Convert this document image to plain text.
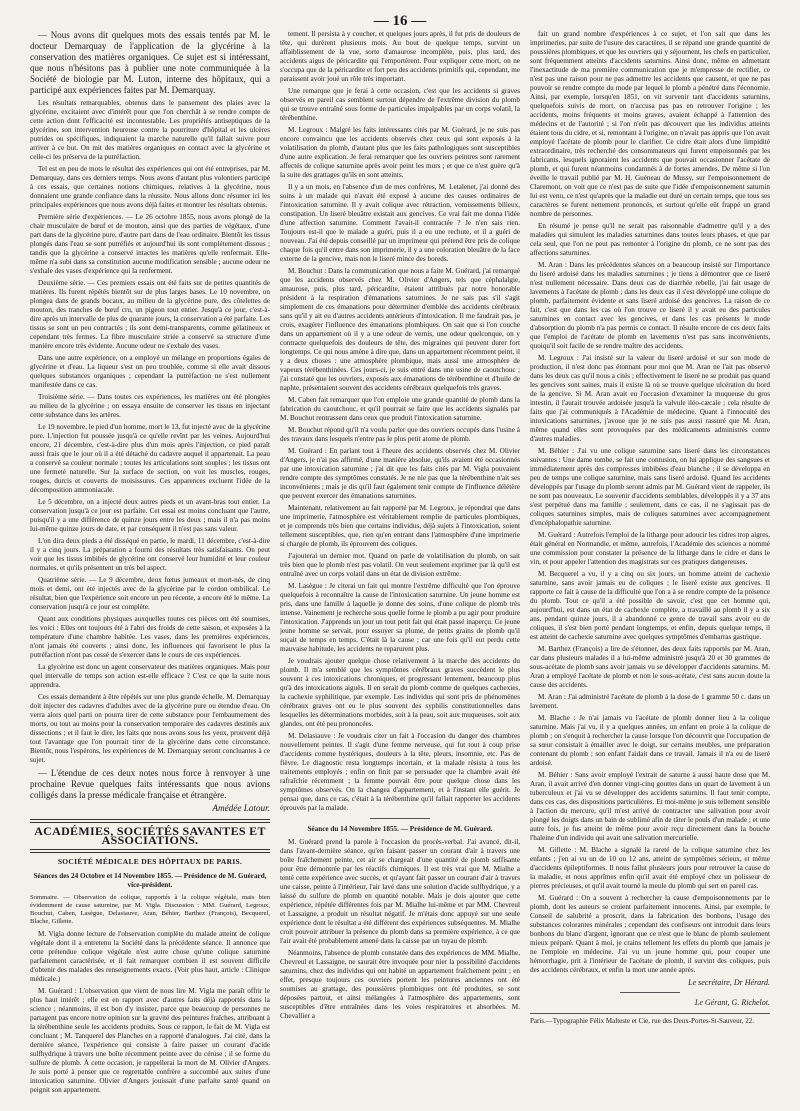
— 16 —

— Nous avons dit quelques mots des essais tentés par M. le docteur Demarquay de l'application de la glycérine à la conservation des matières organiques. Ce sujet est si intéressant, que nous n'hésitons pas à publier une note communiquée à la Société de biologie par M. Luton, interne des hôpitaux, qui a participé aux expériences faites par M. Demarquay.

Les résultats remarquables, obtenus dans le pansement des plaies avec la glycérine, excitaient avec d'intérêt pour que l'on cherchât à se rendre compte de cette action dont l'efficacité est incontestable. Les propriétés antiseptiques de la glycérine, son intervention heureuse contre la pourriture d'hôpital et les ulcères putrides ou spécifiques, indiquaient la marche naturelle qu'il fallait suivre pour arriver à ce but. On mit des matières organiques en contact avec la glycérine et celle-ci les préserva de la putréfaction.

Tel est en peu de mots le résultat des expériences qui ont été entreprises, par M. Demarquay, dans ces derniers temps. Nous avons d'autant plus volontiers participé à ces essais, que certaines notions chimiques, relatives à la glycérine, nous donnaient une grande confiance dans la réussite. Nous allons donc résumer ici les principales expériences que nous avons déjà faites et montrer les résultats obtenus.

Première série d'expériences. — Le 26 octobre 1855, nous avons plongé de la chair musculaire de bœuf et de mouton, ainsi que des parties de végétaux, d'une part dans de la glycérine pure, d'autre part dans de l'eau ordinaire. Bientôt les tissus plongés dans l'eau se sont putréfiés et aujourd'hui ils sont complétement dissous ; tandis que la glycérine a conservé intactes les matières qu'elle renfermait. Elle-même n'a subi dans sa constitution aucune modification sensible ; aucune odeur ne s'exhale des vases d'expérience qui la renferment.

Deuxième série. — Ces premiers essais ont été faits sur de petites quantités de matières. Ils furent répétés bientôt sur de plus larges bases. Le 10 novembre, on plongea dans de grands bocaux, au milieu de la glycérine pure, des côtelettes de mouton, des tranches de bœuf cru, un pigeon tout entier. Jusqu'à ce jour, c'est-à-dire après un intervalle de plus de quarante jours, la conservation a été parfaite. Les tissus se sont un peu contractés ; ils sont demi-transparents, comme gélatineux et cependant très fermes. La fibre musculaire striée a conservé sa structure d'une manière encore très évidente. Aucune odeur ne s'exhale des vases.

Dans une autre expérience, on a employé un mélange en proportions égales de glycérine et d'eau. La liqueur s'est un peu troublée, comme si elle avait dissous quelques substances organiques ; cependant la putréfaction ne s'est nullement manifestée dans ce cas.

Troisième série. — Dans toutes ces expériences, les matières ont été plongées au milieu de la glycérine ; on essaya ensuite de conserver les tissus en injectant cette substance dans les artères.

Le 19 novembre, le pied d'un homme, mort le 13, fut injecté avec de la glycérine pure. L'injection fut poussée jusqu'à ce qu'elle revînt par les veines. Aujourd'hui encore, 21 décembre, c'est-à-dire plus d'un mois après l'injection, ce pied paraît aussi frais que le jour où il a été détaché du cadavre auquel il appartenait. La peau a conservé sa couleur normale ; toutes les articulations sont souples ; les tissus ont une fermeté naturelle. Sur la surface de section, on voit les muscles, rouges, rouges, durcis et couverts de moisissures. Ces apparences excluent l'idée de la décomposition ammoniacale.

Le 5 décembre, on a injecté deux autres pieds et un avant-bras tout entier. La conservation jusqu'à ce jour est parfaite. Cet essai est moins concluant que l'autre, puisqu'il y a une différence de quinze jours entre les deux ; mais il n'a pas moins lui-même quinze jours de date, et par conséquent il n'est pas sans valeur.

L'on dira deux pieds a été disséqué en partie, le mardi, 11 décembre, c'est-à-dire il y a cinq jours. La préparation a fourni des résultats très satisfaisants. On peut voir que les tissus imbibés de glycérine ont conservé leur humidité et leur couleur normales, et qu'ils présentent un très bel aspect.

Quatrième série. — Le 9 décembre, deux fœtus jumeaux et mort-nés, de cinq mois et demi, ont été injectés avec de la glycérine par le cordon ombilical. Le résultat, bien que l'expérience soit encore un peu récente, a encore été le même. La conservation jusqu'à ce jour est complète.

Quant aux conditions physiques auxquelles toutes ces pièces ont été soumises, les voici : Elles ont toujours été à l'abri des froids de cette saison, et exposées à la température d'une chambre habitée. Les vases, dans les premières expériences, n'ont jamais été couverts ; ainsi donc, les influences qui favorisent le plus la putréfaction n'ont pas cessé de s'exercer dans le cours de ces expériences.

La glycérine est donc un agent conservateur des matières organiques. Mais pour quel intervalle de temps son action est-elle efficace ? C'est ce que la suite nous apprendra.

Ces essais demandent à être répétés sur une plus grande échelle. M. Demarquay doit injecter des cadavres d'adultes avec de la glycérine pure ou étendue d'eau. On verra alors quel parti on pourra tirer de cette substance pour l'embaumement des morts, ou tout au moins pour la conservation temporaire des cadavres destinés aux dissections ; et il faut le dire, les faits que nous avons sous les yeux, prouvent déjà tout l'avantage que l'on pourrait tirer de la glycérine dans cette circonstance. Bientôt, nous l'espérons, les expériences de M. Demarquay seront concluantes à ce sujet.

— L'étendue de ces deux notes nous force à renvoyer à une prochaine Revue quelques faits intéressants que nous avions colligés dans la presse médicale française et étrangère.

Amédée Latour.
ACADÉMIES, SOCIÉTÉS SAVANTES ET ASSOCIATIONS.
SOCIÉTÉ MÉDICALE DES HÔPITAUX DE PARIS.
Séances des 24 Octobre et 14 Novembre 1855. — Présidence de M. Guérard, vice-président.
Sommaire. — Observation de colique, rapportés à la colique végétale, mais bien évidemment de cause saturnine, par M. Vigla. Discussion : MM. Guérard, Legroux, Bouchut, Caben, Lasègue, Delasiauve, Aran, Béhier, Barthez (François), Becquerel, Blache, Gillette.

M. Vigla donne lecture de l'observation complète du malade atteint de colique végétale dont il a entretenu la Société dans la précédente séance. Il annonce que cette prétendue colique végétale n'est autre chose qu'une colique saturnine parfaitement caractérisée, et il fait remarquer combien il est souvent difficile d'obtenir des malades des renseignements exacts. (Voir plus haut, article : Clinique médicale.)

M. Guérard : L'observation que vient de nous lire M. Vigla me paraît offrir le plus haut intérêt ; elle est en rapport avec d'autres faits déjà rapportés dans la science ; néanmoins, il est bon d'y insister, parce que beaucoup de personnes ne partagent pas encore notre opinion sur la gravité des peintures fraîches, attribuant à la térébenthine seule les accidents produits. Sous ce rapport, le fait de M. Vigla est concluant ; M. Tanquerel des Planches en a rapporté d'analogues. J'ai cité, dans la dernière séance, l'expérience qui consiste à faire passer un courant d'acide sulfhydrique à travers une boîte récemment peinte avec du céruse ; il se forme du sulfure de plomb. À cette occasion, je rappellerai la mort de M. Olivier d'Angers. Je suis porté à penser que ce regrettable confrère a succombé aux suites d'une intoxication saturnine. Olivier d'Angers jouissait d'une parfaite santé quand on peignit son appartement.

tement. Il persista à y coucher, et quelques jours après, il fut pris de douleurs de tête, qui durèrent plusieurs mois. Au bout de quelque temps, survint un affaiblissement de la vue, sorte d'amaurose incomplète, puis, plus tard, des accidents aigus de péricardite qui l'emportèrent. Pour expliquer cette mort, on ne s'occupa que de la péricardite et fort peu des accidents primitifs qui, cependant, me paraissent avoir joué un rôle très important.

Une remarque que je ferai à cette occasion, c'est que les accidents si graves observés en pareil cas semblent surtout dépendre de l'extrême division du plomb qui se trouve entraîné sous forme de particules impalpables par un corps volatil, la térébenthine.

M. Legroux : Malgré les faits intéressants cités par M. Guérard, je ne suis pas encore convaincu que les accidents observés chez ceux qui sont exposés à la volatilisation du plomb, d'autant plus que les faits pathologiques sont susceptibles d'une autre explication. Je ferai remarquer que les ouvriers peintres sont rarement affectés de colique saturnine après avoir peint les murs ; et que ce n'est guère qu'à la suite des grattages qu'ils en sont atteints.

Il y a un mois, en l'absence d'un de mes confrères, M. Letalenet, j'ai donné des soins à un malade qui n'avait été exposé à aucune des causes ordinaires de l'intoxication saturnine. Il y avait colique avec rétraction, vomissements bilieux, constipation. Un liseré bleuâtre existait aux gencives. Ce vrai fait me donna l'idée d'une affection saturnine. Comment l'avait-il contractée ? Je n'en sais rien. Toujours est-il que le malade a guéri, puis il a eu une rechute, et il a guéri de nouveau. J'ai été depuis conseillé par un imprimeur qui prétend être pris de colique chaque fois qu'il entre dans son imprimerie, il y a une coloration bleuâtre de la face externe de la gencive, mais non le liseré mince des boreds.

M. Bouchut : Dans la communication que nous a faite M. Guérard, j'ai remarqué que les accidents observés chez M. Olivier d'Angers, tels que céphalalgie, amaurose, puis, plus tard, péricardite, étaient attribués par notre honorable président à la respiration d'émanations saturnines. Je ne sais pas s'il s'agit simplement de ces émanations pour déterminer d'emblée des accidents cérébraux sans qu'il y ait eu d'autres accidents antérieurs d'intoxication. Il me faudrait pas, je crois, exagérer l'influence des émanations plombiques. On sait que si l'on couche dans un appartement où il y a une odeur de vernis, une odeur quelconque, on y contracte quelquefois des douleurs de tête, des migraines qui peuvent durer fort longtemps. Ce qui nous amène à dire que, dans un appartement récemment peint, il y a deux choses : une atmosphère plombique, mais aussi une atmosphère de vapeurs térébenthinées. Ces jours-ci, je suis entré dans une usine de caoutchouc ; j'ai constaté que les ouvriers, exposés aux émanations de térébenthine et d'huile de naphte, présentaient souvent des accidents cérébraux quelquefois très graves.

M. Caben fait remarquer que l'on emploie une grande quantité de plomb dans la fabrication du caoutchouc, et qu'il pourrait se faire que les accidents signalés par M. Bouchut rentrassent dans ceux que produit l'intoxication saturnine.

M. Bouchut répond qu'il n'a voulu parler que des ouvriers occupés dans l'usine à des travaux dans lesquels n'entre pas le plus petit atome de plomb.

M. Guérard : En parlant tout à l'heure des accidents observés chez M. Olivier d'Angers, je n'ai pas affirmé, d'une manière absolue, qu'ils avaient été occasionnés par une intoxication saturnine ; j'ai dit que les faits cités par M. Vigla pouvaient rendre compte des symptômes constatés. Je ne nie pas que la térébenthine n'ait ses inconvénients ; mais je dis qu'il faut également tenir compte de l'influence délétère que peuvent exercer des émanations saturnines.

Maintenant, relativement au fait rapporté par M. Legroux, je répondrai que dans une imprimerie, l'atmosphère est véritablement remplie de particules plombiques, et je comprends très bien que certains individus, déjà sujets à l'intoxication, soient tellement susceptibles, que, rien qu'en entrant dans l'atmosphère d'une imprimerie si chargée de plomb, ils éprouvent des coliques.

J'ajouterai un dernier mot. Quand on parle de volatilisation du plomb, on sait très bien que le plomb n'est pas volatil. On veut seulement exprimer par là qu'il est entraîné avec un corps volatil dans un état de division extrême.

M. Lasègue : Je citerai un fait qui montre l'extrême difficulté que l'on éprouve quelquefois à reconnaître la cause de l'intoxication saturnine. Un jeune homme est pris, dans une famille à laquelle je donne des soins, d'une colique de plomb très intense. Vainement je recherche sous quelle forme le plomb a pu agir pour produire l'intoxication. J'apprends un jour un tout petit fait qui était passé inaperçu. Ce jeune jeune homme se servait, pour essuyer sa plume, de petits grains de plomb qu'il suçait de temps en temps. C'était là la cause ; car une fois qu'il eut perdu cette mauvaise habitude, les accidents ne reparurent plus.

Je voudrais ajouter quelque chose relativement à la marche des accidents du plomb. Il m'a semblé que les symptômes cérébraux graves succèdent le plus souvent à ces intoxications chroniques, et progressant lentement, beaucoup plus qu'à des intoxications aiguës. Il en serait du plomb comme de quelques cachexies, la cachexie syphilitique, par exemple. Les individus qui sont pris de phénomènes cérébraux graves ont eu le plus souvent des syphilis constitutionnelles dans lesquelles les déterminations morbides, soit à la peau, soit aux muqueuses, soit aux glandes, ont été peu prononcées.

M. Delasiauve : Je voudrais citer un fait à l'occasion du danger des chambres nouvellement peintes. Il s'agit d'une femme nerveuse, qui fut tout à coup prise d'accidents comme hystériques, douleurs à la tête, pleurs, insomnie, etc. Pas de fièvre. Le diagnostic resta longtemps incertain, et la malade résista à tous les traitements employés ; enfin on finit par se persuader que la chambre avait été rafraîchie récemment ; la femme pouvait être pour quelque chose dans les symptômes observés. On la changea d'appartement, et à l'instant elle guérit. Je pensai que, dans ce cas, c'était à la térébenthine qu'il fallait rapporter les accidents éprouvés par la malade.

Séance du 14 Novembre 1855. — Présidence de M. Guérard.

M. Guérard prend la parole à l'occasion du procès-verbal. J'ai avancé, dit-il, dans l'avant-dernière séance, qu'en faisant passer un courant d'air à travers une boîte fraîchement peinte, cet air se chargeait d'une quantité de plomb suffisante pour être démontrée par les réactifs chimiques. Il est très vrai que M. Mialhe a tenté cette expérience avec succès, et qu'ayant fait passer un courant d'air à travers une caisse, peinte à l'intérieur, l'air lavé dans une solution d'acide sulfhydrique, y a laissé du sulfure de plomb en quantité notable. Mais je dois ajouter que cette expérience, répétée différentes fois par M. Mialhe lui-même et par MM. Chevreul et Lassaigne, a produit un résultat négatif. Je m'étais donc appuyé sur une seule expérience dont le résultat a été différent des expériences subséquentes. M. Mialhe croit pouvoir attribuer la présence du plomb dans sa première expérience, à ce que l'air avait été probablement amené dans la caisse par un tuyau de plomb.

Néanmoins, l'absence de plomb constatée dans des expériences de MM. Mialhe, Chevreul et Lassaigne, ne saurait être invoquée pour nier la possibilité d'accidents saturnins, chez des individus qui ont habité un appartement fraîchement peint ; en effet, presque toujours ces ouvriers portent les peintures anciennes ont été soumises au grattage, des poussières plombiques ont été produites, se sont déposées partout, et ainsi mélangées à l'atmosphère des appartements, sont susceptibles d'être entraînées dans les voies respiratoires et absorbées. M. Chevallier a

fait un grand nombre d'expériences à ce sujet, et l'on sait que dans les imprimeries, par suite de l'usure des caractères, il se répand une grande quantité de poussières plombiques, et que les ouvriers qui y séjournent, les chefs en particulier, sont fréquemment atteints d'accidents saturnins. Ainsi donc, même en admettant l'inexactitude de ma première communication que je m'empresse de rectifier, ce n'est pas une raison pour ne pas admettre les accidents que causent, et que ne pas pouvoir se rendre compte du mode par lequel le plomb a pénétré dans l'économie. Ainsi, par exemple, lorsqu'en 1851, on vit survenir tant d'accidents saturnins, quelquefois suivis de mort, on n'accusa pas pas en retrouver l'origine ; les accidents, moins fréquents et moins graves, avaient échappé à l'attention des médecins et de l'autorité ; si l'on n'eût pas découvert que les individus atteints étaient tous du cidre, et si, remontant à l'origine, on n'avait pas appris que l'on avait employé l'acétate de plomb pour le clarifier. Ce cidre était alors d'une limpidité extraordinaire, très recherché des consommateurs qui furent empoisonnés par les fabricants, lesquels ignoraient les accidents que pouvait occasionner l'acétate de plomb, et qui furent néanmoins condamnés à de fortes amendes. De même si l'on éveille le travail publié par M. H. Guéneau de Mussy, sur l'empoisonnement de Claremont, on voit que ce n'est pas de suite que l'idée d'empoisonnement saturnin lui est venu, ce n'est qu'après que la maladie eut duré un certain temps, que tous ses caractères se furent nettement prononcés, et surtout qu'elle eût frappé un grand nombre de personnes.

En résumé je pense qu'il ne serait pas raisonnable d'admettre qu'il y a des maladies qui simulent les maladies saturnines dans toutes leurs phases, et que par cela seul, que l'on ne peut pas remonter à l'origine du plomb, ce ne sont pas des affections saturnines.

M. Aran : Dans les précédentes séances on a beaucoup insisté sur l'importance du liseré ardoisé dans les maladies saturnines ; je tiens à démontrer que ce liseré n'est nullement nécessaire. Dans deux cas de diarrhée rebelle, j'ai fait usage de lavements à l'acétate de plomb ; dans les deux cas il s'est développé une colique de plomb, parfaitement évidente et sans liseré ardoisé des gencives. La raison de ce fait, c'est que dans les cas où l'on trouve ce liseré il y avait eu des particules saturnines en contact avec les gencives, et dans les cas présents le mode d'absorption du plomb n'a pas permis ce contact. Il résulte encore de ces deux faits que l'emploi de l'acétate de plomb en lavements n'est pas sans inconvénients, quoiqu'il soit facile de se rendre maître des accidents.

M. Legroux : J'ai insisté sur la valeur du liseré ardoisé et sur son mode de production, il n'est donc pas étonnant pour moi que M. Aran ne l'ait pas observé dans les deux cas qu'il nous a cités ; effectivement le liseré ne se produit pas quand les gencives sont saines, mais il existe là où se trouve quelque ulcération du bord de la gencive. Si M. Aran avait eu l'occasion d'examiner la muqueuse du gros intestin, il l'aurait trouvée ardoisée jusqu'à la valvule iléo-cæcale ; cela résulte de faits que j'ai communiqués à l'Académie de médecine. Quant à l'innocuité des intoxications saturnines, j'avoue que je ne suis pas aussi rassuré que M. Aran, même quand elles sont provoquées par des médicaments administrés contre d'autres maladies.

M. Béhier : J'ai vu une colique saturnine sans liseré dans les circonstances suivantes : Une dame tombe, se fait une contusion, on lui applique des sangsues et immédiatement après des compresses imbibées d'eau blanche ; il se développa en peu de temps une colique saturnine, mais sans liseré ardoisé. Quand les accidents développés par l'usage du plomb seront admis par M. Guérard vient de rappeler, ils ne sont pas nouveaux. Le souvenir d'accidents semblables, développés il y a 37 ans s'est perpétué dans ma famille ; seulement, dans ce cas, il ne s'agissait pas de coliques saturnines simples, mais de coliques saturnines avec accompagnement d'encéphalopathie saturnine.

M. Guérard : Autrefois l'emploi de la litharge pour adoucir les cidres trop aigres, était général en Normandie, et même, autrefois, l'Académie des sciences a nommé une commission pour constater la présence de la litharge dans le cidre et dans le vin, et pour appeler l'attention des magistrats sur ces pratiques dangereuses.

M. Becquerel a vu, il y a cinq ou six jours, un homme atteint de cachexie saturnine, sans avoir jamais eu de coliques ; le liseré existe aux gencives. Il rapporte ce fait à cause de la difficulté que l'on a à se rendre compte de la présence du plomb. Tout ce qu'il a été possible de savoir, c'est que cet homme qui, aujourd'hui, est dans un état de cachexie complète, a travaillé au plomb il y a six ans, pendant quinze jours, il a abandonné ce genre de travail sans avoir eu de coliques, il s'est bien porté pendant longtemps, et enfin, depuis quelque temps, il est atteint de cachexie saturnine avec quelques symptômes d'embarras gastrique.

M. Barthez (François) a lire de s'étonner, des deux faits rapportés par M. Aran, car dans plusieurs malades il a lui-même administré jusqu'à 20 et 30 grammes de sous-acétate de plomb sans avoir jamais vu se développer d'accidents saturnins. M. Aran a employé l'acétate de plomb et non le sous-acétate, c'est sans aucun doute la cause des accidents.

M. Aran : J'ai administré l'acétate de plomb à la dose de 1 gramme 50 c. dans un lavement.

M. Blache : Je n'ai jamais vu l'acétate de plomb donner lieu à la colique saturnine. Mais j'ai vu, il y a quelques années, un enfant en proie à la colique de plomb ; on s'enquit à rechercher la cause lorsque l'on découvrit que l'occupation de sa sœur consistait à émailler avec le doigt, sur certains meubles, une préparation contenant du plomb ; son enfant l'aidait dans ce travail. Jamais il n'a eu de liseré ardoisé.

M. Béhier : Sans avoir employé l'extrait de saturne à aussi haute dose que M. Aran, il avait arrivé d'en donner vingt-cinq gouttes dans un quart de lavement à un tuberculeux et j'ai vu se développer des accidents saturnins. Il faut tenir compte, dans ces cas, des dispositions particulières. Et moi-même je suis tellement sensible à l'action du mercure, qu'il m'est arrivé de contracter une salivation pour avoir plongé les doigts dans un bain de sublimé afin de tâter le pouls d'un malade ; et une autre fois, je fus atteint de même pour avoir reçu directement dans la bouche l'haleine d'un individu qui avait une salivation mercurielle.

M. Gillette : M. Blache a signalé la rareté de la colique saturnine chez les enfants ; j'en ai vu un de 10 ou 12 ans, atteint de symptômes sérieux, et même d'accidents épileptiformes. Il nous fallut plusieurs jours pour retrouver la cause de la maladie, et nous apprîmes enfin qu'il avait été employé chez un polisseur de pierres précieuses, et qu'il avait tourné la meule du plomb qui sert en pareil cas.

M. Guérard : On a souvent à rechercher la cause d'empoisonnements par le plomb, dont les auteurs se croient parfaitement innocents. Ainsi, par exemple, le Conseil de salubrité a proscrit, dans la fabrication des bonbons, l'usage des substances colorantes minérales ; cependant des confiseurs ont introduit dans leurs bonbons du blanc d'argent, ignorant que ce n'est que le blanc de plomb seulement mieux préparé. Quant à moi, je crains tellement les effets du plomb que jamais je ne l'emploie en médecine. J'ai vu un jeune homme qui, pour couper une hémorrhagie, prit à l'intérieur de l'acétate de plomb, il survint des coliques, puis des accidents cérébraux, et enfin la mort une année après.

Le secrétaire, Dr Hérard.
Le Gérant, G. Richelot.
Paris.—Typographie Félix Malteste et Cie, rue des Deux-Portes-St-Sauveur, 22.
